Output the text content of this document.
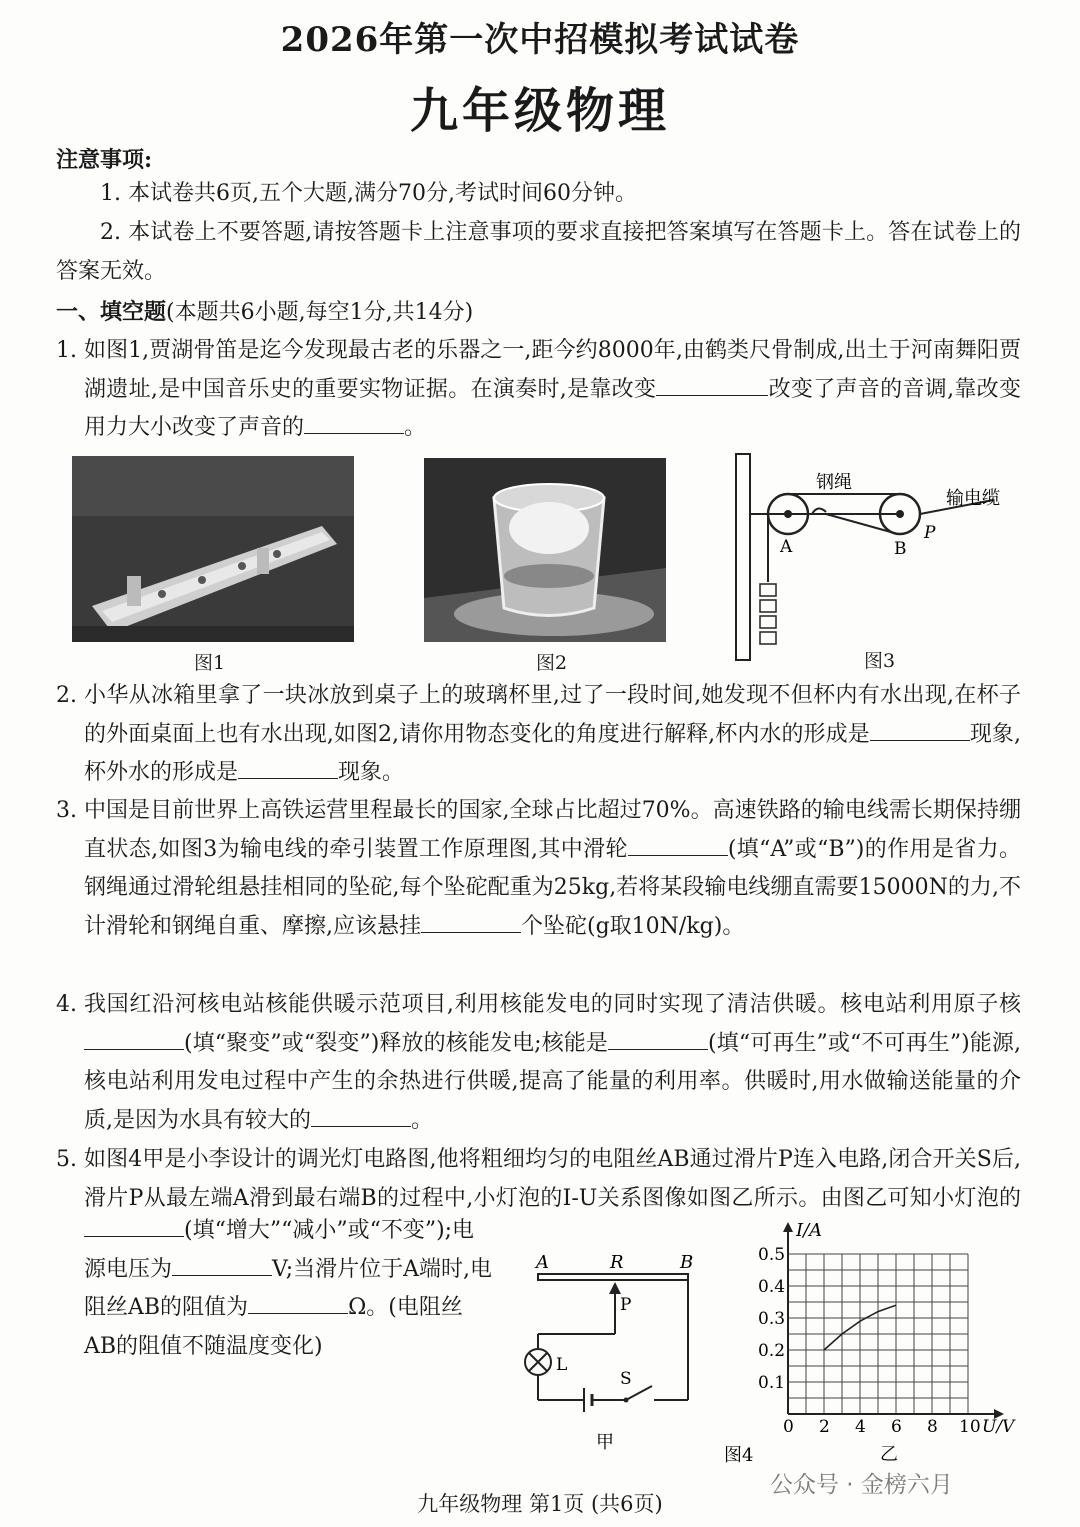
2026年第一次中招模拟考试试卷
九年级物理
注意事项:
1. 本试卷共6页,五个大题,满分70分,考试时间60分钟。
2. 本试卷上不要答题,请按答题卡上注意事项的要求直接把答案填写在答题卡上。答在试卷上的答案无效。
一、填空题(本题共6小题,每空1分,共14分)
1. 如图1,贾湖骨笛是迄今发现最古老的乐器之一,距今约8000年,由鹤类尺骨制成,出土于河南舞阳贾湖遗址,是中国音乐史的重要实物证据。在演奏时,是靠改变	改变了声音的音调,靠改变用力大小改变了声音的	。
图1	图2
钢绳
输电缆
A	B
P
图3
2. 小华从冰箱里拿了一块冰放到桌子上的玻璃杯里,过了一段时间,她发现不但杯内有水出现,在杯子的外面桌面上也有水出现,如图2,请你用物态变化的角度进行解释,杯内水的形成是	现象,杯外水的形成是	现象。
3. 中国是目前世界上高铁运营里程最长的国家,全球占比超过70%。高速铁路的输电线需长期保持绷直状态,如图3为输电线的牵引装置工作原理图,其中滑轮	(填“A”或“B”)的作用是省力。钢绳通过滑轮组悬挂相同的坠砣,每个坠砣配重为25kg,若将某段输电线绷直需要15000N的力,不计滑轮和钢绳自重、摩擦,应该悬挂	个坠砣(g取10N/kg)。
4. 我国红沿河核电站核能供暖示范项目,利用核能发电的同时实现了清洁供暖。核电站利用原子核(填“聚变”或“裂变”)释放的核能发电;核能是	(填“可再生”或“不可再生”)能源,核电站利用发电过程中产生的余热进行供暖,提高了能量的利用率。供暖时,用水做输送能量的介质,是因为水具有较大的	。
5. 如图4甲是小李设计的调光灯电路图,他将粗细均匀的电阻丝AB通过滑片P连入电路,闭合开关S后,滑片P从最左端A滑到最右端B的过程中,小灯泡的I-U关系图像如图乙所示。由图乙可知小灯泡的
(填“增大”“减小”或“不变”);电源电压为	V;当滑片位于A端时,电阻丝AB的阻值为	Ω。(电阻丝AB的阻值不随温度变化)
A	R	B
P
L
S
甲
0 2 4 6 8 10
0.1
0.2
0.3
0.4
0.5
I/A
U/V
乙
图4
九年级物理 第1页 (共6页)
公众号 · 金榜六月
